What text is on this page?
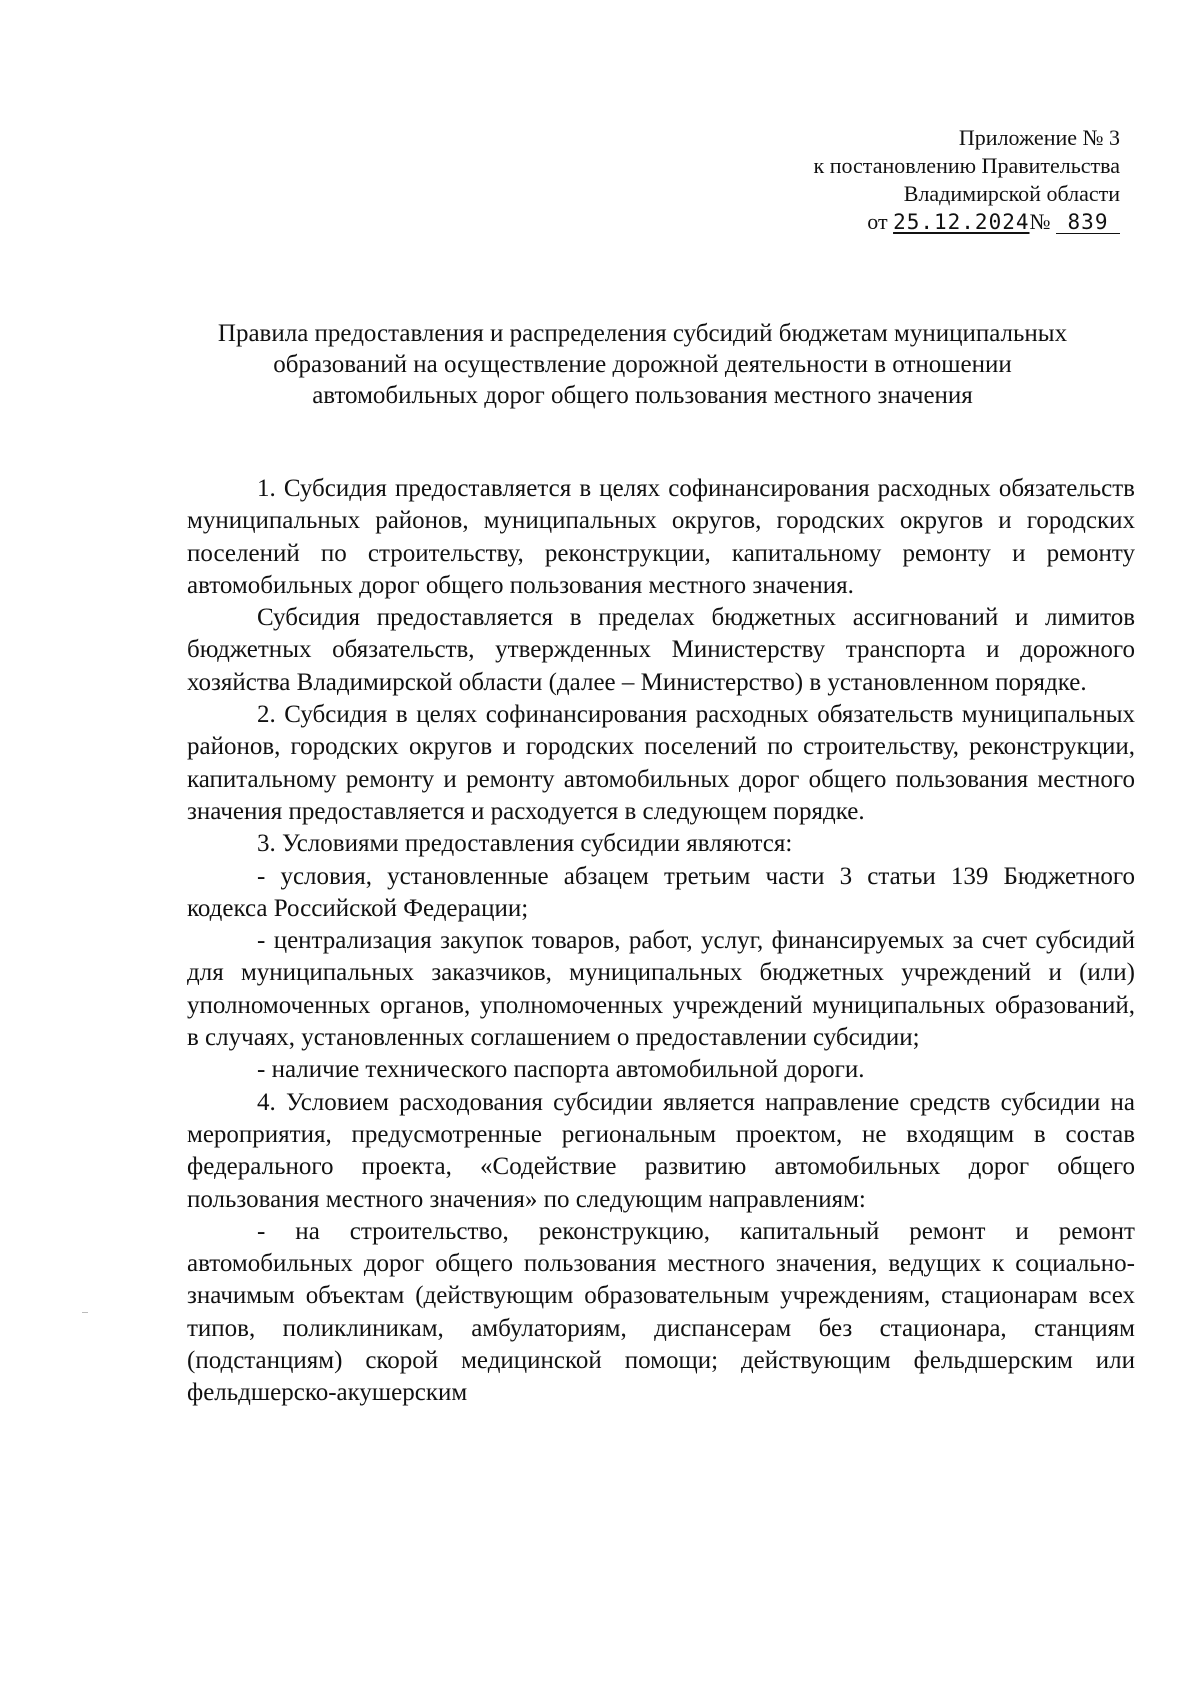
Приложение № 3
к постановлению Правительства
Владимирской области
от 25.12.2024№ 839
Правила предоставления и распределения субсидий бюджетам муниципальных
образований на осуществление дорожной деятельности в отношении
автомобильных дорог общего пользования местного значения

1. Субсидия предоставляется в целях софинансирования расходных обязательств муниципальных районов, муниципальных округов, городских округов и городских поселений по строительству, реконструкции, капитальному ремонту и ремонту автомобильных дорог общего пользования местного значения.

Субсидия предоставляется в пределах бюджетных ассигнований и лимитов бюджетных обязательств, утвержденных Министерству транспорта и дорожного хозяйства Владимирской области (далее – Министерство) в установленном порядке.

2. Субсидия в целях софинансирования расходных обязательств муниципальных районов, городских округов и городских поселений по строительству, реконструкции, капитальному ремонту и ремонту автомобильных дорог общего пользования местного значения предоставляется и расходуется в следующем порядке.

3. Условиями предоставления субсидии являются:

- условия, установленные абзацем третьим части 3 статьи 139 Бюджетного кодекса Российской Федерации;

- централизация закупок товаров, работ, услуг, финансируемых за счет субсидий для муниципальных заказчиков, муниципальных бюджетных учреждений и (или) уполномоченных органов, уполномоченных учреждений муниципальных образований, в случаях, установленных соглашением о предоставлении субсидии;

- наличие технического паспорта автомобильной дороги.

4. Условием расходования субсидии является направление средств субсидии на мероприятия, предусмотренные региональным проектом, не входящим в состав федерального проекта, «Содействие развитию автомобильных дорог общего пользования местного значения» по следующим направлениям:

- на строительство, реконструкцию, капитальный ремонт и ремонт автомобильных дорог общего пользования местного значения, ведущих к социально-значимым объектам (действующим образовательным учреждениям, стационарам всех типов, поликлиникам, амбулаториям, диспансерам без стационара, станциям (подстанциям) скорой медицинской помощи; действующим фельдшерским или фельдшерско-акушерским
